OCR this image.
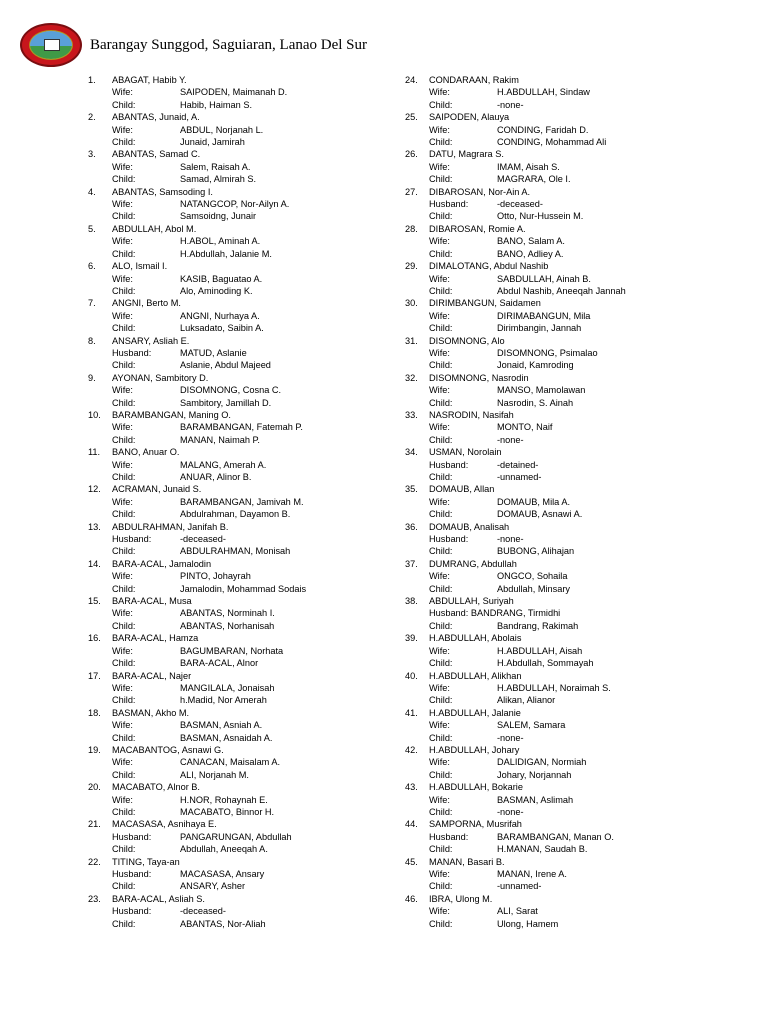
Barangay Sunggod, Saguiaran, Lanao Del Sur
1. ABAGAT, Habib Y.
Wife:	SAIPODEN, Maimanah D.
Child:	Habib, Haiman S.
2. ABANTAS, Junaid, A.
Wife:	ABDUL, Norjanah L.
Child:	Junaid, Jamirah
3. ABANTAS, Samad C.
Wife:	Salem, Raisah A.
Child:	Samad, Almirah S.
4. ABANTAS, Samsoding I.
Wife:	NATANGCOP, Nor-Ailyn A.
Child:	Samsoidng, Junair
5. ABDULLAH, Abol M.
Wife:	H.ABOL, Aminah A.
Child:	H.Abdullah, Jalanie M.
6. ALO, Ismail I.
Wife:	KASIB, Baguatao A.
Child:	Alo, Aminoding K.
7. ANGNI, Berto M.
Wife:	ANGNI, Nurhaya A.
Child:	Luksadato, Saibin A.
8. ANSARY, Asliah E.
Husband:	MATUD, Aslanie
Child:	Aslanie, Abdul Majeed
9. AYONAN, Sambitory D.
Wife:	DISOMNONG, Cosna C.
Child:	Sambitory, Jamillah D.
10. BARAMBANGAN, Maning O.
Wife:	BARAMBANGAN, Fatemah P.
Child:	MANAN, Naimah P.
11. BANO, Anuar O.
Wife:	MALANG, Amerah A.
Child:	ANUAR, Alinor B.
12. ACRAMAN, Junaid S.
Wife:	BARAMBANGAN, Jamivah M.
Child:	Abdulrahman, Dayamon B.
13. ABDULRAHMAN, Janifah B.
Husband:	-deceased-
Child:	ABDULRAHMAN, Monisah
14. BARA-ACAL, Jamalodin
Wife:	PINTO, Johayrah
Child:	Jamalodin, Mohammad Sodais
15. BARA-ACAL, Musa
Wife:	ABANTAS, Norminah I.
Child:	ABANTAS, Norhanisah
16. BARA-ACAL, Hamza
Wife:	BAGUMBARAN, Norhata
Child:	BARA-ACAL, Alnor
17. BARA-ACAL, Najer
Wife:	MANGILALA, Jonaisah
Child:	h.Madid, Nor Amerah
18. BASMAN, Akho M.
Wife:	BASMAN, Asniah A.
Child:	BASMAN, Asnaidah A.
19. MACABANTOG, Asnawi G.
Wife:	CANACAN, Maisalam A.
Child:	ALI, Norjanah M.
20. MACABATO, Alnor B.
Wife:	H.NOR, Rohaynah E.
Child:	MACABATO, Binnor H.
21. MACASASA, Asnihaya E.
Husband:	PANGARUNGAN, Abdullah
Child:	Abdullah, Aneeqah A.
22. TITING, Taya-an
Husband:	MACASASA, Ansary
Child:	ANSARY, Asher
23. BARA-ACAL, Asliah S.
Husband:	-deceased-
Child:	ABANTAS, Nor-Aliah
24. CONDARAAN, Rakim
Wife:	H.ABDULLAH, Sindaw
Child:	-none-
25. SAIPODEN, Alauya
Wife:	CONDING, Faridah D.
Child:	CONDING, Mohammad Ali
26. DATU, Magrara S.
Wife:	IMAM, Aisah S.
Child:	MAGRARA, Ole I.
27. DIBAROSAN, Nor-Ain A.
Husband:	-deceased-
Child:	Otto, Nur-Hussein M.
28. DIBAROSAN, Romie A.
Wife:	BANO, Salam A.
Child:	BANO, Adliey A.
29. DIMALOTANG, Abdul Nashib
Wife:	SABDULLAH, Ainah B.
Child:	Abdul Nashib, Aneeqah Jannah
30. DIRIMBANGUN, Saidamen
Wife:	DIRIMABANGUN, Mila
Child:	Dirimbangin, Jannah
31. DISOMNONG, Alo
Wife:	DISOMNONG, Psimalao
Child:	Jonaid, Kamroding
32. DISOMNONG, Nasrodin
Wife:	MANSO, Mamolawan
Child:	Nasrodin, S. Ainah
33. NASRODIN, Nasifah
Wife:	MONTO, Naif
Child:	-none-
34. USMAN, Norolain
Husband:	-detained-
Child:	-unnamed-
35. DOMAUB, Allan
Wife:	DOMAUB, Mila A.
Child:	DOMAUB, Asnawi A.
36. DOMAUB, Analisah
Husband:	-none-
Child:	BUBONG, Alihajan
37. DUMRANG, Abdullah
Wife:	ONGCO, Sohaila
Child:	Abdullah, Minsary
38. ABDULLAH, Suriyah
Husband: BANDRANG, Tirmidhi
Child:	Bandrang, Rakimah
39. H.ABDULLAH, Abolais
Wife:	H.ABDULLAH, Aisah
Child:	H.Abdullah, Sommayah
40. H.ABDULLAH, Alikhan
Wife:	H.ABDULLAH, Noraimah S.
Child:	Alikan, Alianor
41. H.ABDULLAH, Jalanie
Wife:	SALEM, Samara
Child:	-none-
42. H.ABDULLAH, Johary
Wife:	DALIDIGAN, Normiah
Child:	Johary, Norjannah
43. H.ABDULLAH, Bokarie
Wife:	BASMAN, Aslimah
Child:	-none-
44. SAMPORNA, Musrifah
Husband:	BARAMBANGAN, Manan O.
Child:	H.MANAN, Saudah B.
45. MANAN, Basari B.
Wife:	MANAN, Irene A.
Child:	-unnamed-
46. IBRA, Ulong M.
Wife:	ALI, Sarat
Child:	Ulong, Hamem
